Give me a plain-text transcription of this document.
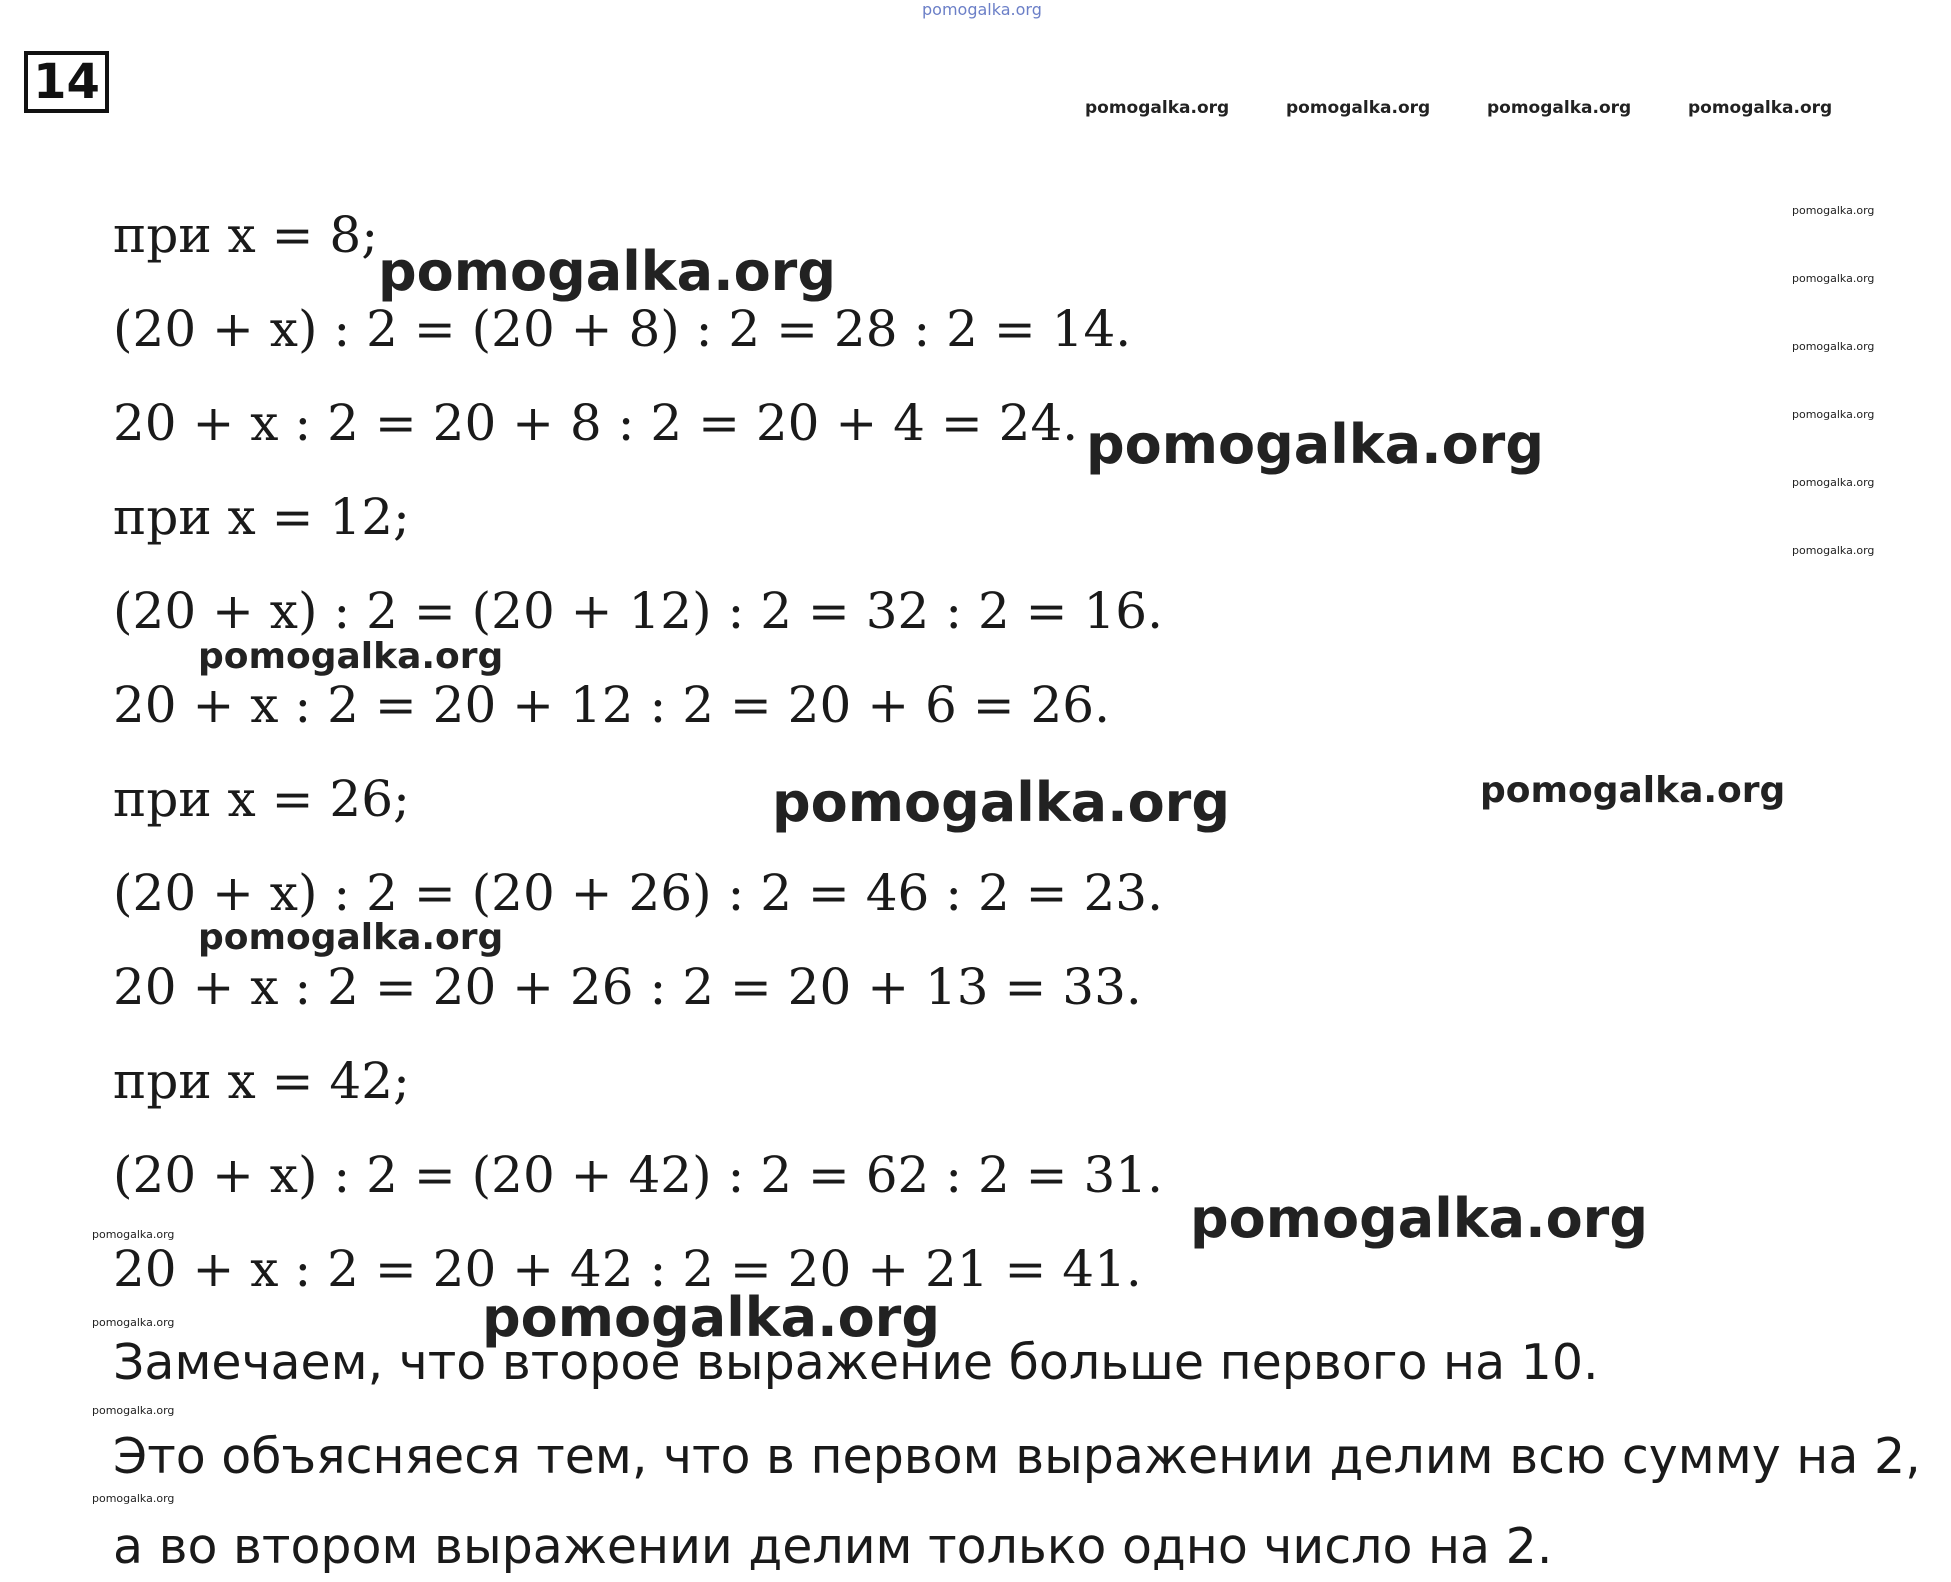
14
при x = 8;
(20 + x) : 2 = (20 + 8) : 2 = 28 : 2 = 14.
20 + x : 2 = 20 + 8 : 2 = 20 + 4 = 24.
при x = 12;
(20 + x) : 2 = (20 + 12) : 2 = 32 : 2 = 16.
20 + x : 2 = 20 + 12 : 2 = 20 + 6 = 26.
при x = 26;
(20 + x) : 2 = (20 + 26) : 2 = 46 : 2 = 23.
20 + x : 2 = 20 + 26 : 2 = 20 + 13 = 33.
при x = 42;
(20 + x) : 2 = (20 + 42) : 2 = 62 : 2 = 31.
20 + x : 2 = 20 + 42 : 2 = 20 + 21 = 41.
Замечаем, что второе выражение больше первого на 10.
Это объясняеся тем, что в первом выражении делим всю сумму на 2,
а во втором выражении делим только одно число на 2.
pomogalka.org
pomogalka.org	pomogalka.org	pomogalka.org	pomogalka.org
pomogalka.org
pomogalka.org
pomogalka.org
pomogalka.org
pomogalka.org
pomogalka.org
pomogalka.org
pomogalka.org
pomogalka.org
pomogalka.org	pomogalka.org
pomogalka.org
pomogalka.org
pomogalka.org
pomogalka.org
pomogalka.org
pomogalka.org
pomogalka.org
